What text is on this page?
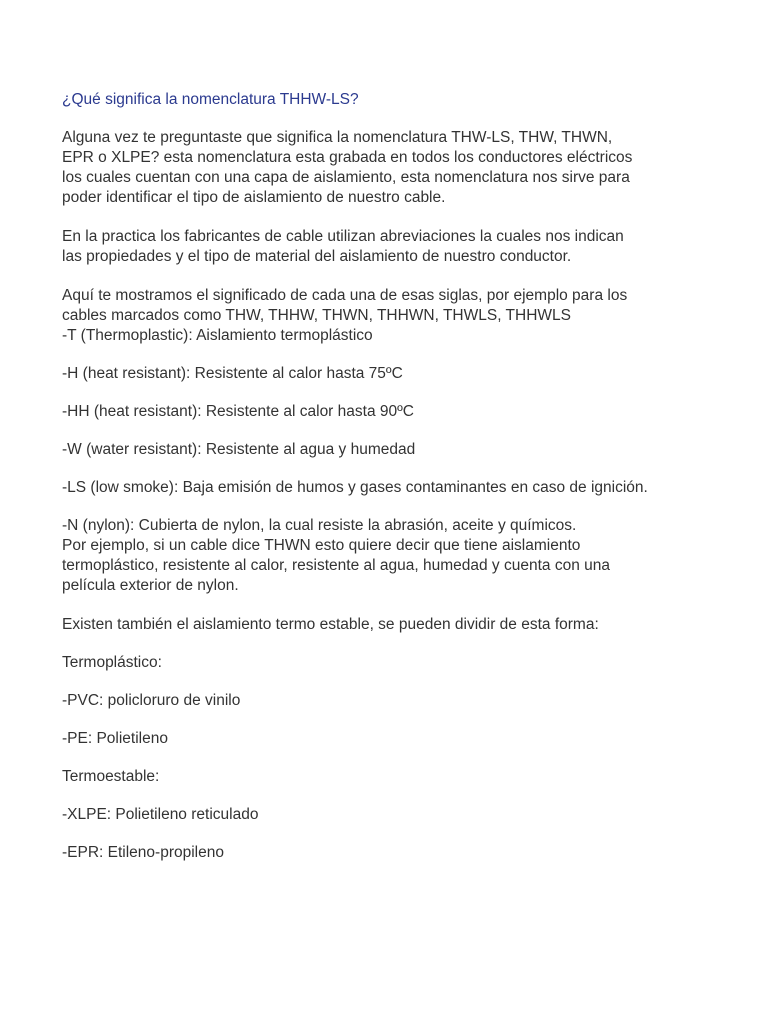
¿Qué significa la nomenclatura THHW-LS?
Alguna vez te preguntaste que significa la nomenclatura THW-LS, THW, THWN,
EPR o XLPE? esta nomenclatura esta grabada en todos los conductores eléctricos
los cuales cuentan con una capa de aislamiento, esta nomenclatura nos sirve para
poder identificar el tipo de aislamiento de nuestro cable.
En la practica los fabricantes de cable utilizan abreviaciones la cuales nos indican
las propiedades y el tipo de material del aislamiento de nuestro conductor.
Aquí te mostramos el significado de cada una de esas siglas, por ejemplo para los
cables marcados como THW, THHW, THWN, THHWN, THWLS, THHWLS
-T (Thermoplastic): Aislamiento termoplástico
-H (heat resistant): Resistente al calor hasta 75ºC
-HH (heat resistant): Resistente al calor hasta 90ºC
-W (water resistant): Resistente al agua y humedad
-LS (low smoke): Baja emisión de humos y gases contaminantes en caso de ignición.
-N (nylon): Cubierta de nylon, la cual resiste la abrasión, aceite y químicos.
Por ejemplo, si un cable dice THWN esto quiere decir que tiene aislamiento
termoplástico, resistente al calor, resistente al agua, humedad y cuenta con una
película exterior de nylon.
Existen también el aislamiento termo estable, se pueden dividir de esta forma:
Termoplástico:
-PVC: policloruro de vinilo
-PE: Polietileno
Termoestable:
-XLPE: Polietileno reticulado
-EPR: Etileno-propileno
